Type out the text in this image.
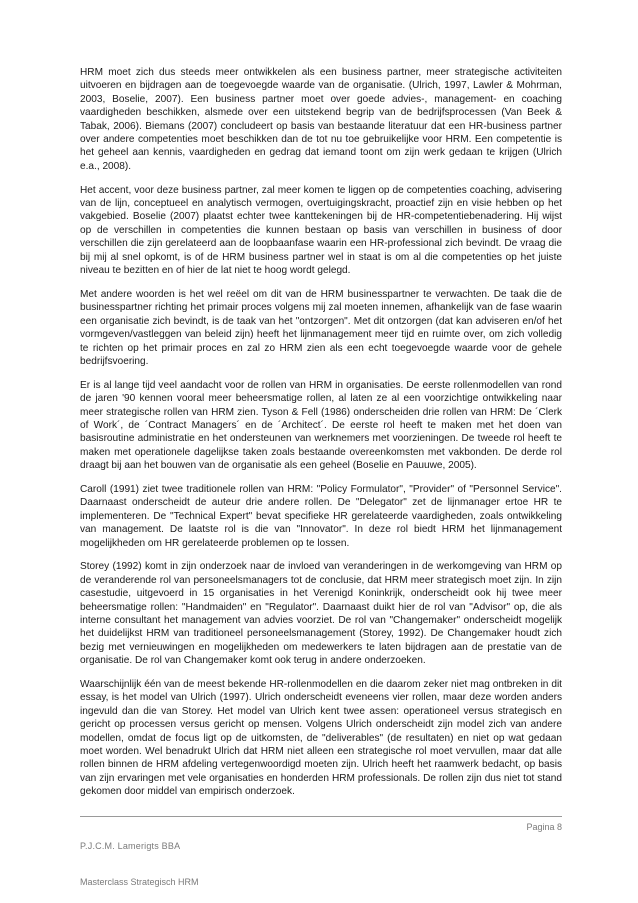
HRM moet zich dus steeds meer ontwikkelen als een business partner, meer strategische activiteiten uitvoeren en bijdragen aan de toegevoegde waarde van de organisatie. (Ulrich, 1997, Lawler & Mohrman, 2003, Boselie, 2007). Een business partner moet over goede advies-, management- en coaching vaardigheden beschikken, alsmede over een uitstekend begrip van de bedrijfsprocessen (Van Beek & Tabak, 2006). Biemans (2007) concludeert op basis van bestaande literatuur dat een HR-business partner over andere competenties moet beschikken dan de tot nu toe gebruikelijke voor HRM. Een competentie is het geheel aan kennis, vaardigheden en gedrag dat iemand toont om zijn werk gedaan te krijgen (Ulrich e.a., 2008).

Het accent, voor deze business partner, zal meer komen te liggen op de competenties coaching, advisering van de lijn, conceptueel en analytisch vermogen, overtuigingskracht, proactief zijn en visie hebben op het vakgebied. Boselie (2007) plaatst echter twee kanttekeningen bij de HR-competentiebenadering. Hij wijst op de verschillen in competenties die kunnen bestaan op basis van verschillen in business of door verschillen die zijn gerelateerd aan de loopbaanfase waarin een HR-professional zich bevindt. De vraag die bij mij al snel opkomt, is of de HRM business partner wel in staat is om al die competenties op het juiste niveau te bezitten en of hier de lat niet te hoog wordt gelegd.

Met andere woorden is het wel reëel om dit van de HRM businesspartner te verwachten. De taak die de businesspartner richting het primair proces volgens mij zal moeten innemen, afhankelijk van de fase waarin een organisatie zich bevindt, is de taak van het "ontzorgen". Met dit ontzorgen (dat kan adviseren en/of het vormgeven/vastleggen van beleid zijn) heeft het lijnmanagement meer tijd en ruimte over, om zich volledig te richten op het primair proces en zal zo HRM zien als een echt toegevoegde waarde voor de gehele bedrijfsvoering.

Er is al lange tijd veel aandacht voor de rollen van HRM in organisaties. De eerste rollenmodellen van rond de jaren '90 kennen vooral meer beheersmatige rollen, al laten ze al een voorzichtige ontwikkeling naar meer strategische rollen van HRM zien. Tyson & Fell (1986) onderscheiden drie rollen van HRM: De ´Clerk of Work´, de ´Contract Managers´ en de ´Architect´. De eerste rol heeft te maken met het doen van basisroutine administratie en het ondersteunen van werknemers met voorzieningen. De tweede rol heeft te maken met operationele dagelijkse taken zoals bestaande overeenkomsten met vakbonden. De derde rol draagt bij aan het bouwen van de organisatie als een geheel (Boselie en Pauuwe, 2005).

Caroll (1991) ziet twee traditionele rollen van HRM: "Policy Formulator", "Provider" of "Personnel Service". Daarnaast onderscheidt de auteur drie andere rollen. De "Delegator" zet de lijnmanager ertoe HR te implementeren. De "Technical Expert" bevat specifieke HR gerelateerde vaardigheden, zoals ontwikkeling van management. De laatste rol is die van "Innovator". In deze rol biedt HRM het lijnmanagement mogelijkheden om HR gerelateerde problemen op te lossen.

Storey (1992) komt in zijn onderzoek naar de invloed van veranderingen in de werkomgeving van HRM op de veranderende rol van personeelsmanagers tot de conclusie, dat HRM meer strategisch moet zijn. In zijn casestudie, uitgevoerd in 15 organisaties in het Verenigd Koninkrijk, onderscheidt ook hij twee meer beheersmatige rollen: "Handmaiden" en "Regulator". Daarnaast duikt hier de rol van "Advisor" op, die als interne consultant het management van advies voorziet. De rol van "Changemaker" onderscheidt mogelijk het duidelijkst HRM van traditioneel personeelsmanagement (Storey, 1992). De Changemaker houdt zich bezig met vernieuwingen en mogelijkheden om medewerkers te laten bijdragen aan de prestatie van de organisatie. De rol van Changemaker komt ook terug in andere onderzoeken.

Waarschijnlijk één van de meest bekende HR-rollenmodellen en die daarom zeker niet mag ontbreken in dit essay, is het model van Ulrich (1997). Ulrich onderscheidt eveneens vier rollen, maar deze worden anders ingevuld dan die van Storey. Het model van Ulrich kent twee assen: operationeel versus strategisch en gericht op processen versus gericht op mensen. Volgens Ulrich onderscheidt zijn model zich van andere modellen, omdat de focus ligt op de uitkomsten, de "deliverables" (de resultaten) en niet op wat gedaan moet worden. Wel benadrukt Ulrich dat HRM niet alleen een strategische rol moet vervullen, maar dat alle rollen binnen de HRM afdeling vertegenwoordigd moeten zijn. Ulrich heeft het raamwerk bedacht, op basis van zijn ervaringen met vele organisaties en honderden HRM professionals. De rollen zijn dus niet tot stand gekomen door middel van empirisch onderzoek.

Pagina 8
P.J.C.M. Lamerigts BBA
Masterclass Strategisch HRM
